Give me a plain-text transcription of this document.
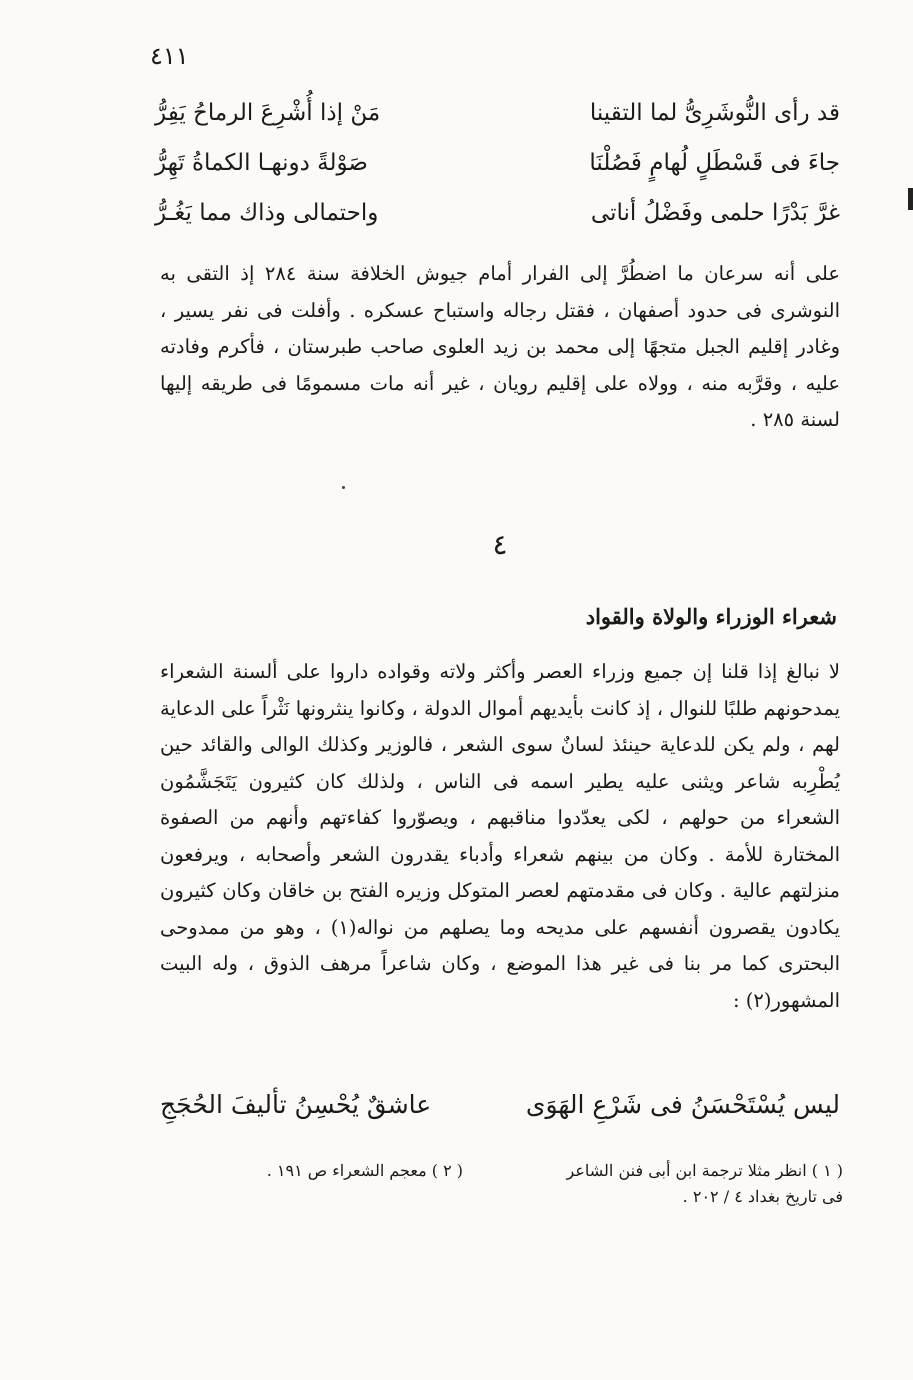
٤١١
قد رأى النُّوشَرِىُّ لما التقينا
مَنْ إذا أُشْرِعَ الرماحُ يَفِرُّ
جاءَ فى قَسْطَلٍ لُهامٍ فَصُلْنَا
صَوْلةً دونهـا الكماةُ تَهِرُّ
غرَّ بَدْرًا حلمى وفَضْلُ أناتى
واحتمالى وذاك مما يَغُـرُّ
على أنه سرعان ما اضطُرَّ إلى الفرار أمام جيوش الخلافة سنة ٢٨٤ إذ التقى به النوشرى فى حدود أصفهان ، فقتل رجاله واستباح عسكره . وأفلت فى نفر يسير ، وغادر إقليم الجبل متجهًا إلى محمد بن زيد العلوى صاحب طبرستان ، فأكرم وفادته عليه ، وقرَّبه منه ، وولاه على إقليم رويان ، غير أنه مات مسمومًا فى طريقه إليها لسنة ٢٨٥ .
٤
شعراء الوزراء والولاة والقواد
لا نبالغ إذا قلنا إن جميع وزراء العصر وأكثر ولاته وقواده داروا على ألسنة الشعراء يمدحونهم طلبًا للنوال ، إذ كانت بأيديهم أموال الدولة ، وكانوا ينثرونها نَثْراً على الدعاية لهم ، ولم يكن للدعاية حينئذ لسانٌ سوى الشعر ، فالوزير وكذلك الوالى والقائد حين يُطْرِبه شاعر ويثنى عليه يطير اسمه فى الناس ، ولذلك كان كثيرون يَتَجَشَّمُون الشعراء من حولهم ، لكى يعدّدوا مناقبهم ، ويصوّروا كفاءتهم وأنهم من الصفوة المختارة للأمة . وكان من بينهم شعراء وأدباء يقدرون الشعر وأصحابه ، ويرفعون منزلتهم عالية . وكان فى مقدمتهم لعصر المتوكل وزيره الفتح بن خاقان وكان كثيرون يكادون يقصرون أنفسهم على مديحه وما يصلهم من نواله(١) ، وهو من ممدوحى البحترى كما مر بنا فى غير هذا الموضع ، وكان شاعراً مرهف الذوق ، وله البيت المشهور(٢) :
ليس يُسْتَحْسَنُ فى شَرْعِ الهَوَى
عاشقٌ يُحْسِنُ تأليفَ الحُجَجِ
( ١ ) انظر مثلا ترجمة ابن أبى فنن الشاعر
فى تاريخ بغداد ٤ / ٢٠٢ .
( ٢ ) معجم الشعراء ص ١٩١ .
